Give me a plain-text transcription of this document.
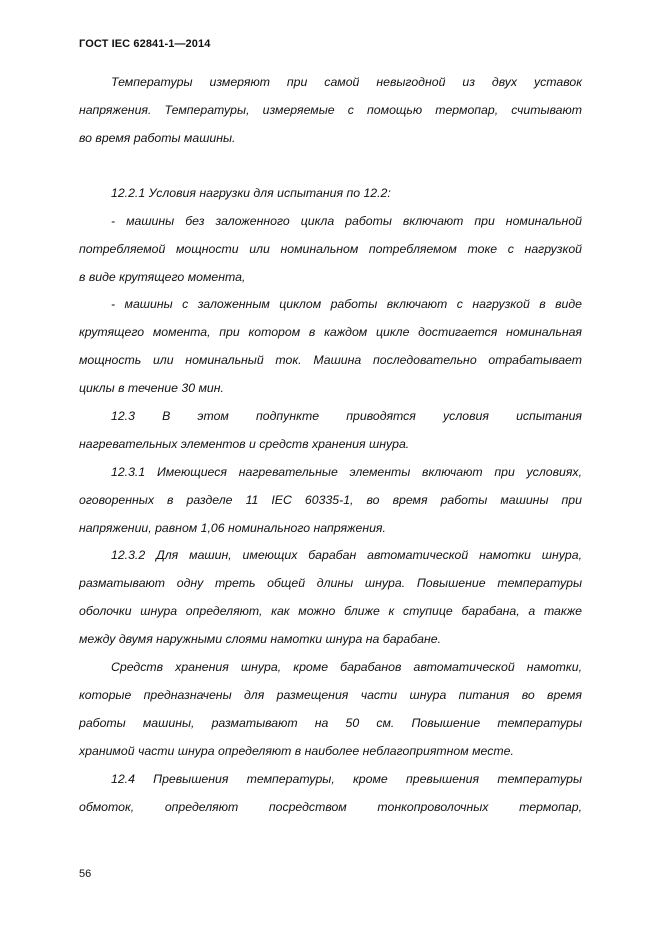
ГОСТ IEC 62841-1—2014
Температуры измеряют при самой невыгодной из двух уставок
напряжения. Температуры, измеряемые с помощью термопар, считывают
во время работы машины.
12.2.1 Условия нагрузки для испытания по 12.2:
- машины без заложенного цикла работы включают при номинальной
потребляемой мощности или номинальном потребляемом токе с нагрузкой
в виде крутящего момента,
- машины с заложенным циклом работы включают с нагрузкой в виде
крутящего момента, при котором в каждом цикле достигается номинальная
мощность или номинальный ток. Машина последовательно отрабатывает
циклы в течение 30 мин.
12.3 В этом подпункте приводятся условия испытания
нагревательных элементов и средств хранения шнура.
12.3.1 Имеющиеся нагревательные элементы включают при условиях,
оговоренных в разделе 11 IEC 60335-1, во время работы машины при
напряжении, равном 1,06 номинального напряжения.
12.3.2 Для машин, имеющих барабан автоматической намотки шнура,
разматывают одну треть общей длины шнура. Повышение температуры
оболочки шнура определяют, как можно ближе к ступице барабана, а также
между двумя наружными слоями намотки шнура на барабане.
Средств хранения шнура, кроме барабанов автоматической намотки,
которые предназначены для размещения части шнура питания во время
работы машины, разматывают на 50 см. Повышение температуры
хранимой части шнура определяют в наиболее неблагоприятном месте.
12.4 Превышения температуры, кроме превышения температуры
обмоток, определяют посредством тонкопроволочных термопар,
56
